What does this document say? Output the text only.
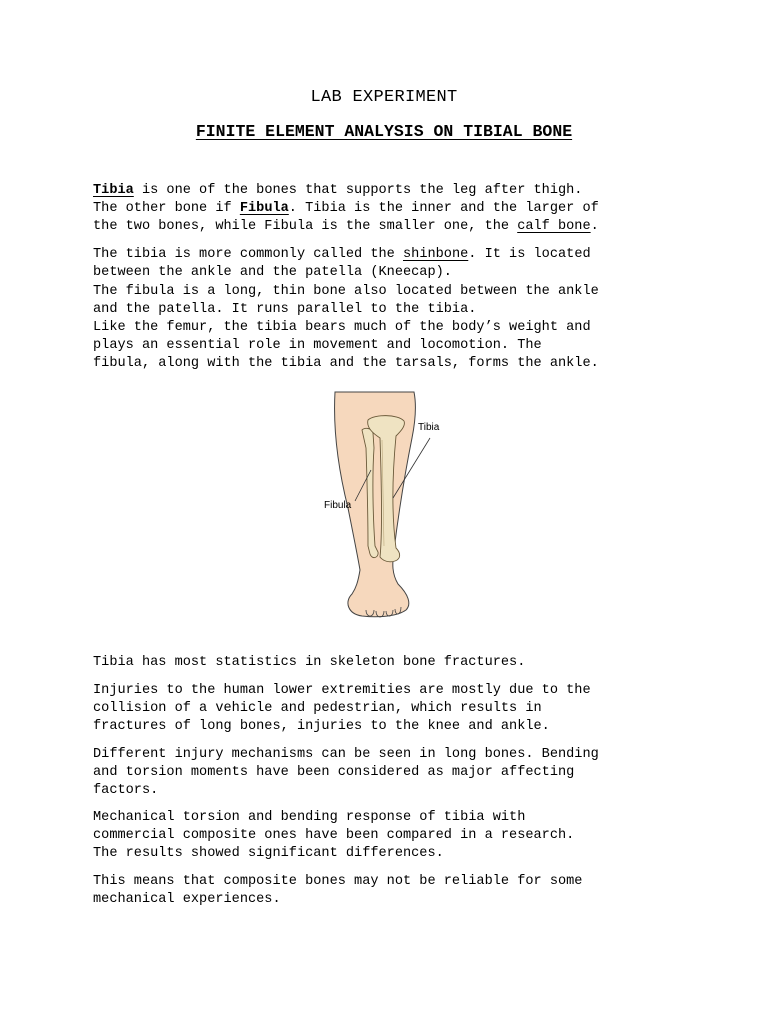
LAB EXPERIMENT
FINITE ELEMENT ANALYSIS ON TIBIAL BONE
Tibia is one of the bones that supports the leg after thigh.
The other bone if Fibula. Tibia is the inner and the larger of
the two bones, while Fibula is the smaller one, the calf bone.
The tibia is more commonly called the shinbone. It is located
between the ankle and the patella (Kneecap).
The fibula is a long, thin bone also located between the ankle
and the patella. It runs parallel to the tibia.
Like the femur, the tibia bears much of the body’s weight and
plays an essential role in movement and locomotion. The
fibula, along with the tibia and the tarsals, forms the ankle.
Tibia
Fibula
Tibia has most statistics in skeleton bone fractures.
Injuries to the human lower extremities are mostly due to the
collision of a vehicle and pedestrian, which results in
fractures of long bones, injuries to the knee and ankle.
Different injury mechanisms can be seen in long bones. Bending
and torsion moments have been considered as major affecting
factors.
Mechanical torsion and bending response of tibia with
commercial composite ones have been compared in a research.
The results showed significant differences.
This means that composite bones may not be reliable for some
mechanical experiences.
